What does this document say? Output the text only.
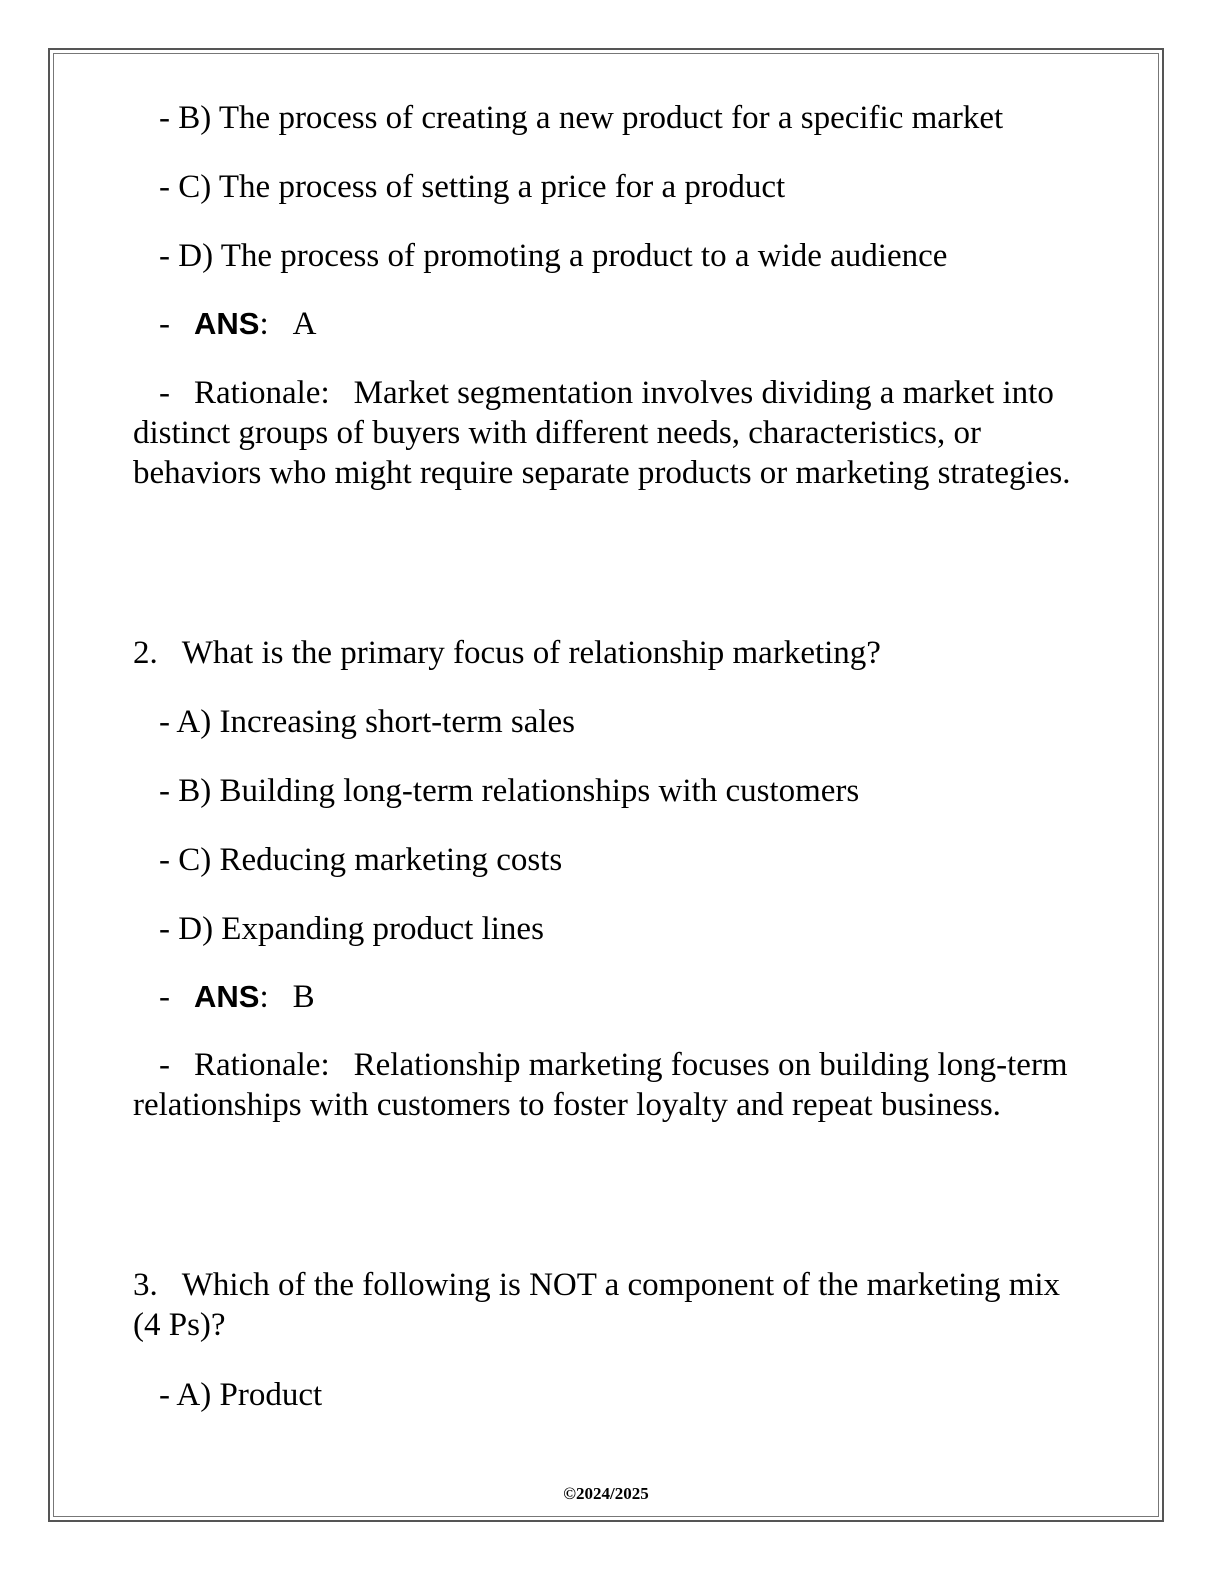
- B) The process of creating a new product for a specific market
- C) The process of setting a price for a product
- D) The process of promoting a product to a wide audience
- ANS: A
- Rationale: Market segmentation involves dividing a market into distinct groups of buyers with different needs, characteristics, or behaviors who might require separate products or marketing strategies.
2. What is the primary focus of relationship marketing?
- A) Increasing short-term sales
- B) Building long-term relationships with customers
- C) Reducing marketing costs
- D) Expanding product lines
- ANS: B
- Rationale: Relationship marketing focuses on building long-term relationships with customers to foster loyalty and repeat business.
3. Which of the following is NOT a component of the marketing mix (4 Ps)?
- A) Product
©2024/2025
